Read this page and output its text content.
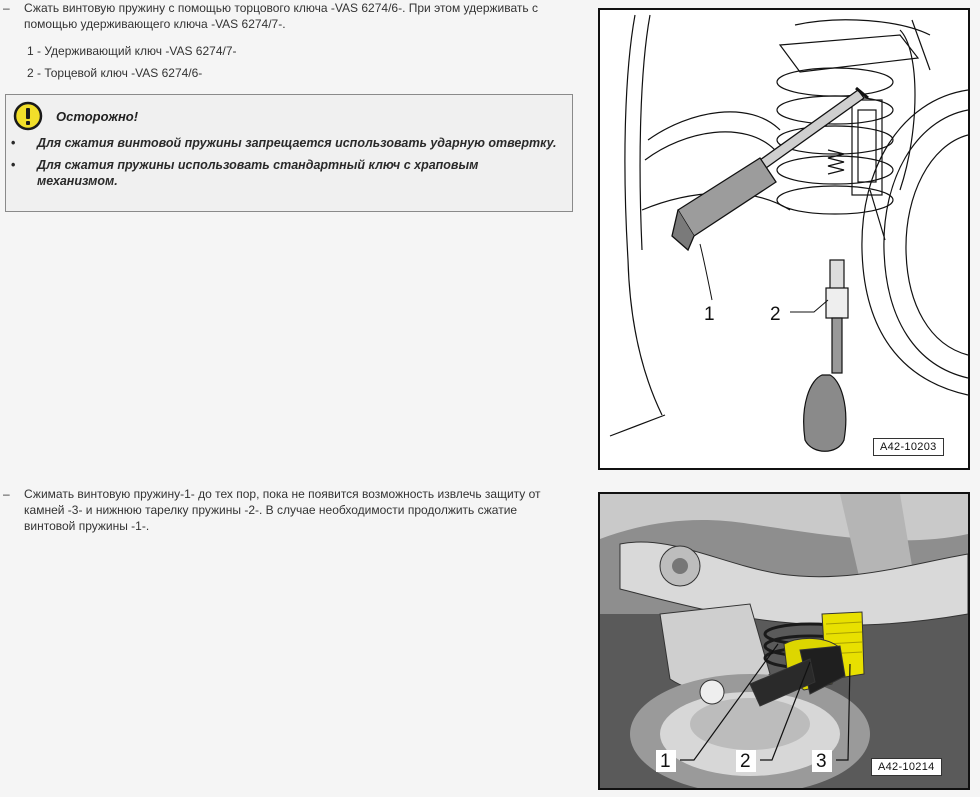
–	Сжать винтовую пружину с помощью торцового ключа -VAS 6274/6-. При этом удерживать с помощью удерживающего ключа -VAS 6274/7-.
1 - Удерживающий ключ -VAS 6274/7-
2 - Торцевой ключ -VAS 6274/6-
Осторожно!
•	Для сжатия винтовой пружины запрещается использовать ударную отвертку.
•	Для сжатия пружины использовать стандартный ключ с храповым механизмом.
1	2
A42-10203
–	Сжимать винтовую пружину-1- до тех пор, пока не появится возможность извлечь защиту от камней -3- и нижнюю тарелку пружины -2-. В случае необходимости продолжить сжатие винтовой пружины -1-.
1	2	3	A42-10214
